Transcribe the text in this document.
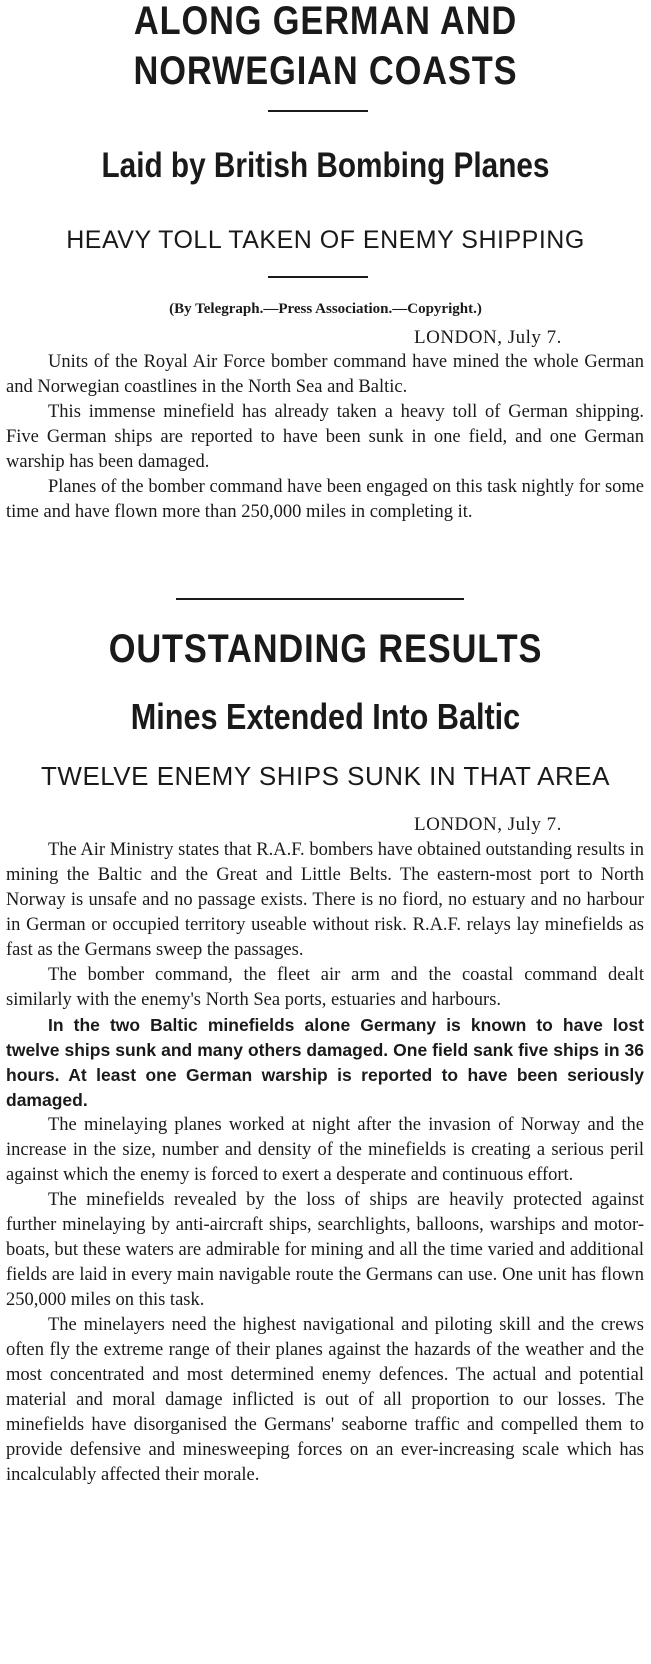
ALONG GERMAN AND NORWEGIAN COASTS
Laid by British Bombing Planes
HEAVY TOLL TAKEN OF ENEMY SHIPPING
(By Telegraph.—Press Association.—Copyright.)
LONDON, July 7.

Units of the Royal Air Force bomber command have mined the whole German and Norwegian coastlines in the North Sea and Baltic.

This immense minefield has already taken a heavy toll of German shipping. Five German ships are reported to have been sunk in one field, and one German warship has been damaged.

Planes of the bomber command have been engaged on this task nightly for some time and have flown more than 250,000 miles in completing it.

OUTSTANDING RESULTS
Mines Extended Into Baltic
TWELVE ENEMY SHIPS SUNK IN THAT AREA
LONDON, July 7.

The Air Ministry states that R.A.F. bombers have obtained outstanding results in mining the Baltic and the Great and Little Belts. The eastern-most port to North Norway is unsafe and no passage exists. There is no fiord, no estuary and no harbour in German or occupied territory useable without risk. R.A.F. relays lay minefields as fast as the Germans sweep the passages.

The bomber command, the fleet air arm and the coastal command dealt similarly with the enemy's North Sea ports, estuaries and harbours.

In the two Baltic minefields alone Germany is known to have lost twelve ships sunk and many others damaged. One field sank five ships in 36 hours. At least one German warship is reported to have been seriously damaged.

The minelaying planes worked at night after the invasion of Norway and the increase in the size, number and density of the minefields is creating a serious peril against which the enemy is forced to exert a desperate and continuous effort.

The minefields revealed by the loss of ships are heavily protected against further minelaying by anti-aircraft ships, searchlights, balloons, warships and motor-boats, but these waters are admirable for mining and all the time varied and additional fields are laid in every main navigable route the Germans can use. One unit has flown 250,000 miles on this task.

The minelayers need the highest navigational and piloting skill and the crews often fly the extreme range of their planes against the hazards of the weather and the most concentrated and most determined enemy defences. The actual and potential material and moral damage inflicted is out of all proportion to our losses. The minefields have disorganised the Germans' seaborne traffic and compelled them to provide defensive and minesweeping forces on an ever-increasing scale which has incalculably affected their morale.
